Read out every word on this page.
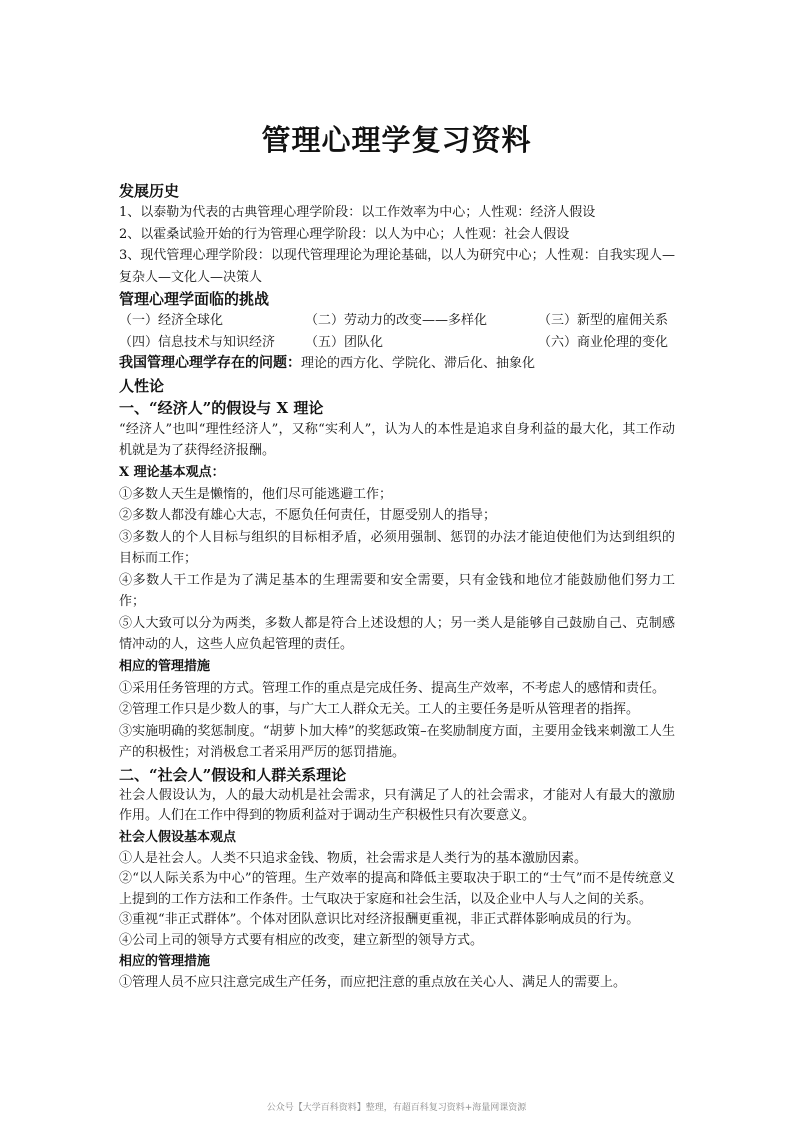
管理心理学复习资料
发展历史
1、以泰勒为代表的古典管理心理学阶段：以工作效率为中心；人性观：经济人假设
2、以霍桑试验开始的行为管理心理学阶段：以人为中心；人性观：社会人假设
3、现代管理心理学阶段：以现代管理理论为理论基础，以人为研究中心；人性观：自我实现人—复杂人—文化人—决策人
管理心理学面临的挑战
（一）经济全球化	（二）劳动力的改变——多样化	（三）新型的雇佣关系
（四）信息技术与知识经济	（五）团队化	（六）商业伦理的变化
我国管理心理学存在的问题：理论的西方化、学院化、滞后化、抽象化
人性论
一、“经济人”的假设与 X 理论
“经济人”也叫“理性经济人”，又称“实利人”，认为人的本性是追求自身利益的最大化，其工作动机就是为了获得经济报酬。
X 理论基本观点：
①多数人天生是懒惰的，他们尽可能逃避工作；
②多数人都没有雄心大志，不愿负任何责任，甘愿受别人的指导；
③多数人的个人目标与组织的目标相矛盾，必须用强制、惩罚的办法才能迫使他们为达到组织的目标而工作；
④多数人干工作是为了满足基本的生理需要和安全需要，只有金钱和地位才能鼓励他们努力工作；
⑤人大致可以分为两类，多数人都是符合上述设想的人；另一类人是能够自己鼓励自己、克制感情冲动的人，这些人应负起管理的责任。
相应的管理措施
①采用任务管理的方式。管理工作的重点是完成任务、提高生产效率，不考虑人的感情和责任。
②管理工作只是少数人的事，与广大工人群众无关。工人的主要任务是听从管理者的指挥。
③实施明确的奖惩制度。“胡萝卜加大棒”的奖惩政策–在奖励制度方面，主要用金钱来刺激工人生产的积极性；对消极怠工者采用严厉的惩罚措施。
二、“社会人”假设和人群关系理论
社会人假设认为，人的最大动机是社会需求，只有满足了人的社会需求，才能对人有最大的激励作用。人们在工作中得到的物质利益对于调动生产积极性只有次要意义。
社会人假设基本观点
①人是社会人。人类不只追求金钱、物质，社会需求是人类行为的基本激励因素。
②“以人际关系为中心”的管理。生产效率的提高和降低主要取决于职工的“士气”而不是传统意义上提到的工作方法和工作条件。士气取决于家庭和社会生活，以及企业中人与人之间的关系。
③重视“非正式群体”。个体对团队意识比对经济报酬更重视，非正式群体影响成员的行为。
④公司上司的领导方式要有相应的改变，建立新型的领导方式。
相应的管理措施
①管理人员不应只注意完成生产任务，而应把注意的重点放在关心人、满足人的需要上。
公众号【大学百科资料】整理，有超百科复习资料+海量网课资源
